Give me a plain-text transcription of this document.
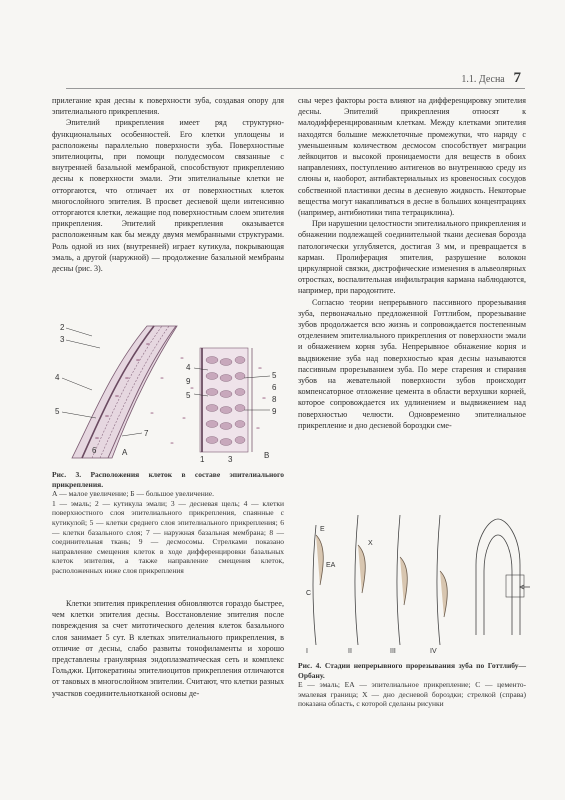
1.1. Десна 7

прилегание края десны к поверхности зуба, создавая опору для эпителиального прикрепления.

Эпителий прикрепления имеет ряд структурно-функциональных особенностей. Его клетки уплощены и расположены параллельно поверхности зуба. Поверхностные эпителиоциты, при помощи полудесмосом связанные с внутренней базальной мембраной, способствуют прикреплению десны к поверхности эмали. Эти эпителиальные клетки не отторгаются, что отличает их от поверхностных клеток многослойного эпителия. В просвет десневой щели интенсивно отторгаются клетки, лежащие под поверхностным слоем эпителия прикрепления. Эпителий прикрепления оказывается расположенным как бы между двумя мембранными структурами. Роль одной из них (внутренней) играет кутикула, покрывающая эмаль, а другой (наружной) — продолжение базальной мембраны десны (рис. 3).

2
3
4
5
6
7
А
4
9
5
5
6
8
9
1	3	В
Рис. 3. Расположения клеток в составе эпителиального прикрепления.
А — малое увеличение; Б — большое увеличение.
1 — эмаль; 2 — кутикула эмали; 3 — десневая щель; 4 — клетки поверхностного слоя эпителиального прикрепления, спаянные с кутикулой; 5 — клетки среднего слоя эпителиального прикрепления; 6 — клетки базального слоя; 7 — наружная базальная мембрана; 8 — соединительная ткань; 9 — десмосомы. Стрелками показано направление смещения клеток в ходе дифференцировки базальных клеток эпителия, а также направление смещения клеток, расположенных ниже слоя прикрепления

Клетки эпителия прикрепления обновляются гораздо быстрее, чем клетки эпителия десны. Восстановление эпителия после повреждения за счет митотического деления клеток базального слоя занимает 5 сут. В клетках эпителиального прикрепления, в отличие от десны, слабо развиты тонофиламенты и хорошо представлены гранулярная эндоплазматическая сеть и комплекс Гольджи. Цитокератины эпителиоцитов прикрепления отличаются от таковых в многослойном эпителии. Считают, что клетки разных участков соединительнотканой основы де-

сны через факторы роста влияют на дифференцировку эпителия десны. Эпителий прикрепления относят к малодифференцированным клеткам. Между клетками эпителия находятся большие межклеточные промежутки, что наряду с уменьшенным количеством десмосом способствует миграции лейкоцитов и высокой проницаемости для веществ в обоих направлениях, поступлению антигенов во внутреннюю среду из слюны и, наоборот, антибактериальных из кровеносных сосудов собственной пластинки десны в десневую жидкость. Некоторые вещества могут накапливаться в десне в больших концентрациях (например, антибиотики типа тетрациклина).

При нарушении целостности эпителиального прикрепления и обнажении подлежащей соединительной ткани десневая борозда патологически углубляется, достигая 3 мм, и превращается в карман. Пролиферация эпителия, разрушение волокон циркулярной связки, дистрофические изменения в альвеолярных отростках, воспалительная инфильтрация кармана наблюдаются, например, при пародонтите.

Согласно теории непрерывного пассивного прорезывания зуба, первоначально предложенной Готтлибом, прорезывание зубов продолжается всю жизнь и сопровождается постепенным отделением эпителиального прикрепления от поверхности эмали и обнажением корня зуба. Непрерывное обнажение корня и выдвижение зуба над поверхностью края десны называются пассивным прорезыванием зуба. По мере старения и стирания зубов на жевательной поверхности зубов происходит компенсаторное отложение цемента в области верхушки корней, которое сопровождается их удлинением и выдвижением над поверхностью челюсти. Одновременно эпителиальное прикрепление и дно десневой бороздки сме-

I	II	III	IV
E
EA
C
X
Рис. 4. Стадии непрерывного прорезывания зуба по Готтлибу—Орбану.
Е — эмаль; ЕА — эпителиальное прикрепление; С — цементо-эмалевая граница; X — дно десневой бороздки; стрелкой (справа) показана область, с которой сделаны рисунки
